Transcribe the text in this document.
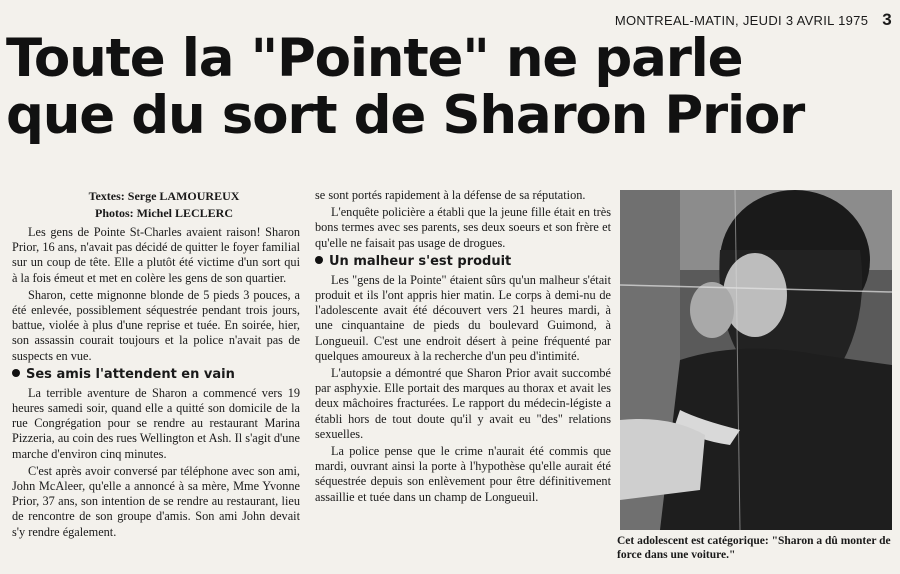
MONTREAL-MATIN, JEUDI 3 AVRIL 1975 3
Toute la "Pointe" ne parle
que du sort de Sharon Prior
Textes: Serge LAMOUREUX
Photos: Michel LECLERC

Les gens de Pointe St-Charles avaient raison! Sharon Prior, 16 ans, n'avait pas décidé de quitter le foyer familial sur un coup de tête. Elle a plutôt été victime d'un sort qui à la fois émeut et met en colère les gens de son quartier.

Sharon, cette mignonne blonde de 5 pieds 3 pouces, a été enlevée, possiblement séquestrée pendant trois jours, battue, violée à plus d'une reprise et tuée. En soirée, hier, son assassin courait toujours et la police n'avait pas de suspects en vue.

Ses amis l'attendent en vain

La terrible aventure de Sharon a commencé vers 19 heures samedi soir, quand elle a quitté son domicile de la rue Congrégation pour se rendre au restaurant Marina Pizzeria, au coin des rues Wellington et Ash. Il s'agit d'une marche d'environ cinq minutes.

C'est après avoir conversé par téléphone avec son ami, John McAleer, qu'elle a annoncé à sa mère, Mme Yvonne Prior, 37 ans, son intention de se rendre au restaurant, lieu de rencontre de son groupe d'amis. Son ami John devait s'y rendre également.

se sont portés rapidement à la défense de sa réputation.

L'enquête policière a établi que la jeune fille était en très bons termes avec ses parents, ses deux soeurs et son frère et qu'elle ne faisait pas usage de drogues.

Un malheur s'est produit

Les "gens de la Pointe" étaient sûrs qu'un malheur s'était produit et ils l'ont appris hier matin. Le corps à demi-nu de l'adolescente avait été découvert vers 21 heures mardi, à une cinquantaine de pieds du boulevard Guimond, à Longueuil. C'est une endroit désert à peine fréquenté par quelques amoureux à la recherche d'un peu d'intimité.

L'autopsie a démontré que Sharon Prior avait succombé par asphyxie. Elle portait des marques au thorax et avait les deux mâchoires fracturées. Le rapport du médecin-légiste a établi hors de tout doute qu'il y avait eu "des" relations sexuelles.

La police pense que le crime n'aurait été commis que mardi, ouvrant ainsi la porte à l'hypothèse qu'elle aurait été séquestrée depuis son enlèvement pour être définitivement assaillie et tuée dans un champ de Longueuil.

Cet adolescent est catégorique: "Sharon a dû monter de force dans une voiture."
